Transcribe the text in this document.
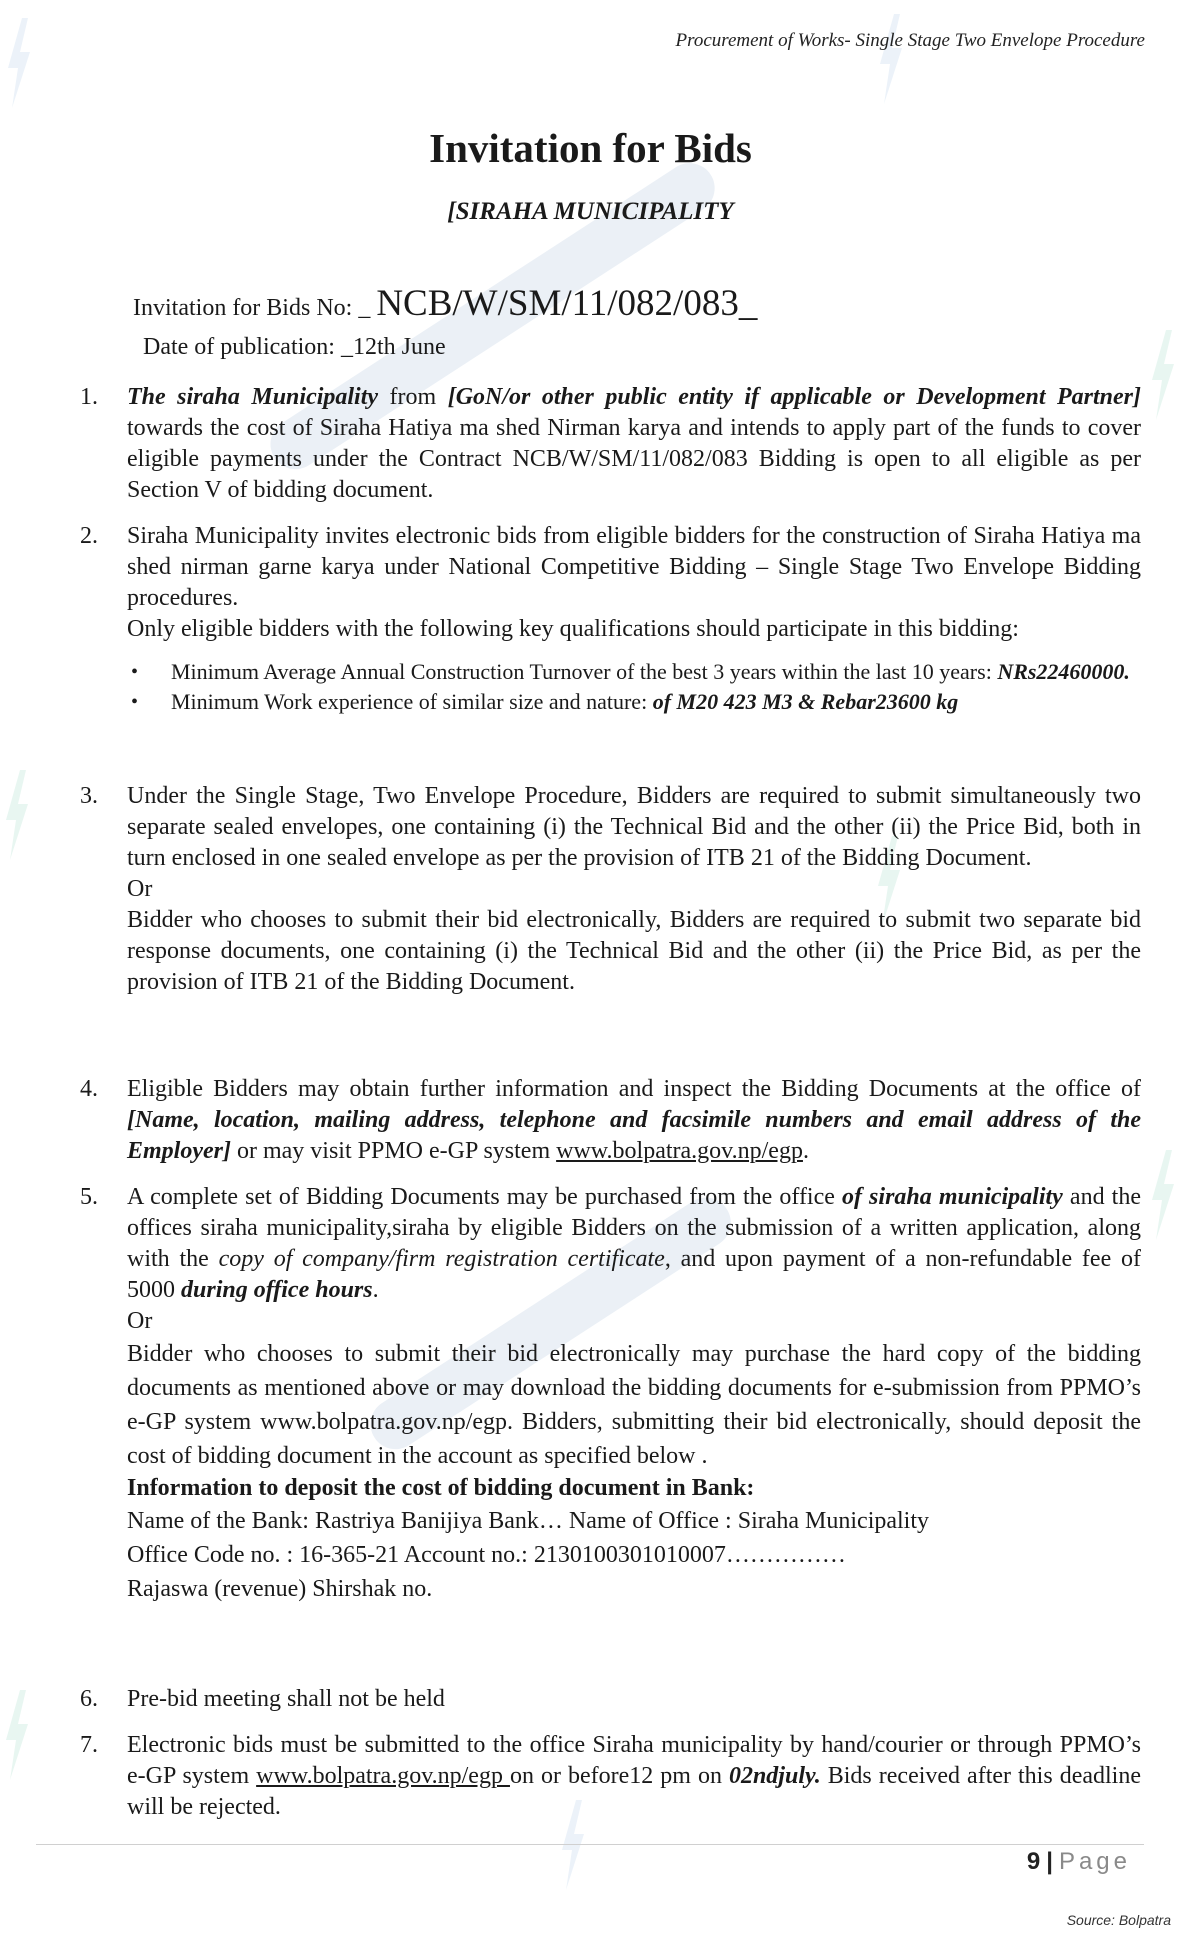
Procurement of Works- Single Stage Two Envelope Procedure
Invitation for Bids
[SIRAHA MUNICIPALITY
Invitation for Bids No: _ NCB/W/SM/11/082/083_
Date of publication: _12th June
1. The siraha Municipality from [GoN/or other public entity if applicable or Development Partner] towards the cost of Siraha Hatiya ma shed Nirman karya and intends to apply part of the funds to cover eligible payments under the Contract NCB/W/SM/11/082/083 Bidding is open to all eligible as per Section V of bidding document.

2. Siraha Municipality invites electronic bids from eligible bidders for the construction of Siraha Hatiya ma shed nirman garne karya under National Competitive Bidding – Single Stage Two Envelope Bidding procedures.

Only eligible bidders with the following key qualifications should participate in this bidding:

• Minimum Average Annual Construction Turnover of the best 3 years within the last 10 years: NRs22460000.
• Minimum Work experience of similar size and nature: of M20 423 M3 & Rebar23600 kg
3. Under the Single Stage, Two Envelope Procedure, Bidders are required to submit simultaneously two separate sealed envelopes, one containing (i) the Technical Bid and the other (ii) the Price Bid, both in turn enclosed in one sealed envelope as per the provision of ITB 21 of the Bidding Document.

Or

Bidder who chooses to submit their bid electronically, Bidders are required to submit two separate bid response documents, one containing (i) the Technical Bid and the other (ii) the Price Bid, as per the provision of ITB 21 of the Bidding Document.

4. Eligible Bidders may obtain further information and inspect the Bidding Documents at the office of [Name, location, mailing address, telephone and facsimile numbers and email address of the Employer] or may visit PPMO e-GP system www.bolpatra.gov.np/egp.

5. A complete set of Bidding Documents may be purchased from the office of siraha municipality and the offices siraha municipality,siraha by eligible Bidders on the submission of a written application, along with the copy of company/firm registration certificate, and upon payment of a non-refundable fee of 5000 during office hours.

Or

Bidder who chooses to submit their bid electronically may purchase the hard copy of the bidding documents as mentioned above or may download the bidding documents for e-submission from PPMO’s e-GP system www.bolpatra.gov.np/egp. Bidders, submitting their bid electronically, should deposit the cost of bidding document in the account as specified below .

Information to deposit the cost of bidding document in Bank:

Name of the Bank: Rastriya Banijiya Bank… Name of Office : Siraha Municipality

Office Code no. : 16-365-21 Account no.: 2130100301010007……………

Rajaswa (revenue) Shirshak no.

6. Pre-bid meeting shall not be held

7. Electronic bids must be submitted to the office Siraha municipality by hand/courier or through PPMO’s e-GP system www.bolpatra.gov.np/egp on or before12 pm on 02ndjuly. Bids received after this deadline will be rejected.

9 | Page
Source: Bolpatra
